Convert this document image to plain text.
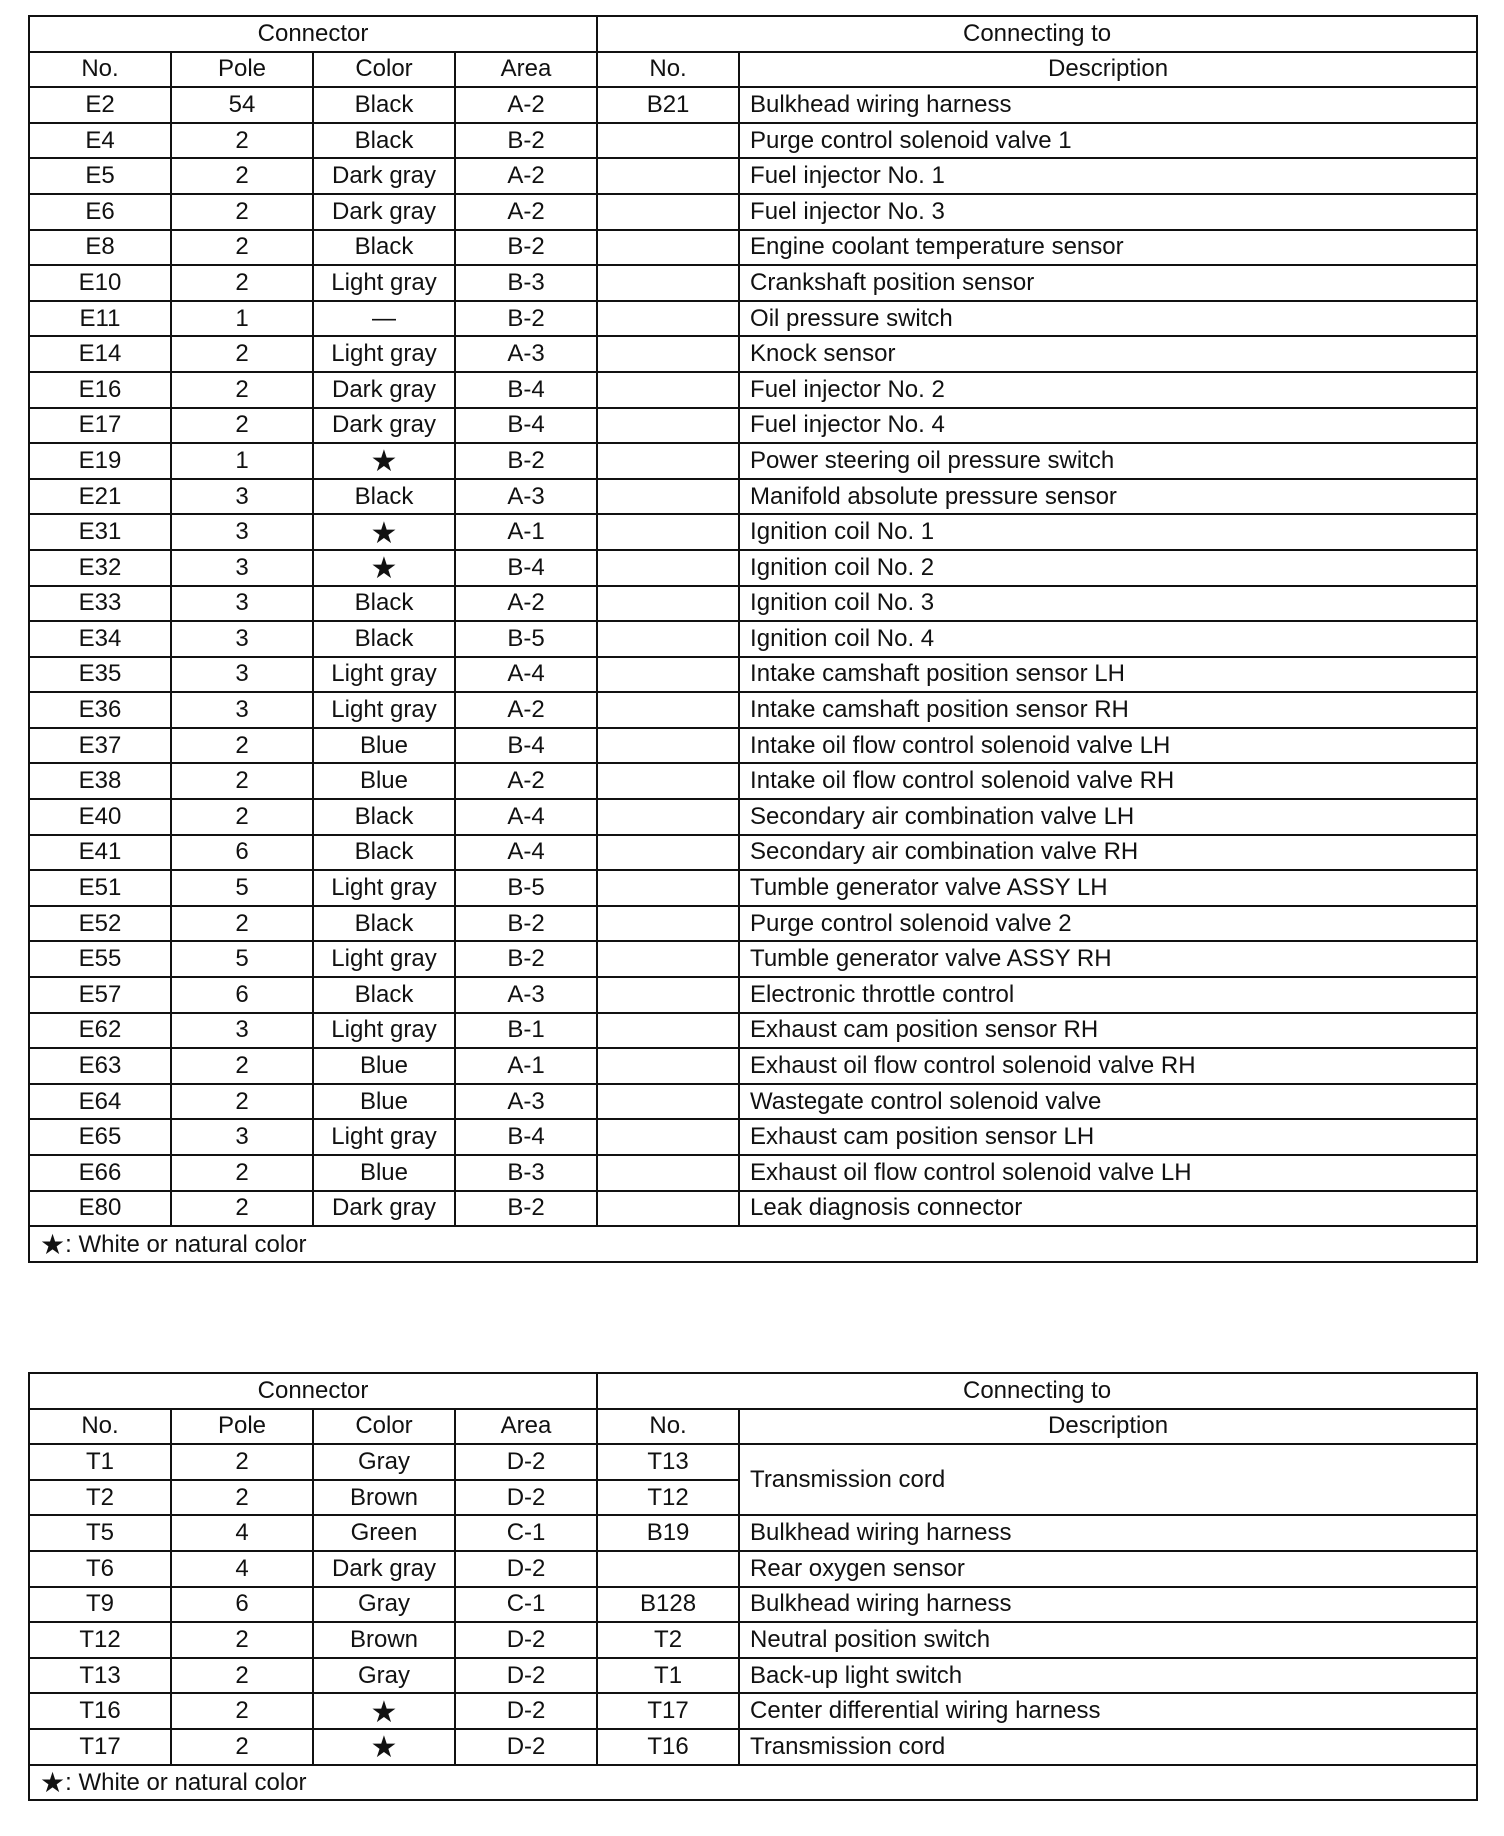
Connector				Connecting to	
No.	Pole	Color	Area	No.	Description
E2	54	Black	A-2	B21	Bulkhead wiring harness
E4	2	Black	B-2		Purge control solenoid valve 1
E5	2	Dark gray	A-2		Fuel injector No. 1
E6	2	Dark gray	A-2		Fuel injector No. 3
E8	2	Black	B-2		Engine coolant temperature sensor
E10	2	Light gray	B-3		Crankshaft position sensor
E11	1	—	B-2		Oil pressure switch
E14	2	Light gray	A-3		Knock sensor
E16	2	Dark gray	B-4		Fuel injector No. 2
E17	2	Dark gray	B-4		Fuel injector No. 4
E19	1	★	B-2		Power steering oil pressure switch
E21	3	Black	A-3		Manifold absolute pressure sensor
E31	3	★	A-1		Ignition coil No. 1
E32	3	★	B-4		Ignition coil No. 2
E33	3	Black	A-2		Ignition coil No. 3
E34	3	Black	B-5		Ignition coil No. 4
E35	3	Light gray	A-4		Intake camshaft position sensor LH
E36	3	Light gray	A-2		Intake camshaft position sensor RH
E37	2	Blue	B-4		Intake oil flow control solenoid valve LH
E38	2	Blue	A-2		Intake oil flow control solenoid valve RH
E40	2	Black	A-4		Secondary air combination valve LH
E41	6	Black	A-4		Secondary air combination valve RH
E51	5	Light gray	B-5		Tumble generator valve ASSY LH
E52	2	Black	B-2		Purge control solenoid valve 2
E55	5	Light gray	B-2		Tumble generator valve ASSY RH
E57	6	Black	A-3		Electronic throttle control
E62	3	Light gray	B-1		Exhaust cam position sensor RH
E63	2	Blue	A-1		Exhaust oil flow control solenoid valve RH
E64	2	Blue	A-3		Wastegate control solenoid valve
E65	3	Light gray	B-4		Exhaust cam position sensor LH
E66	2	Blue	B-3		Exhaust oil flow control solenoid valve LH
E80	2	Dark gray	B-2		Leak diagnosis connector
★: White or natural color					
Connector				Connecting to	
No.	Pole	Color	Area	No.	Description
T1	2	Gray	D-2	T13	Transmission cord
T2	2	Brown	D-2	T12	
T5	4	Green	C-1	B19	Bulkhead wiring harness
T6	4	Dark gray	D-2		Rear oxygen sensor
T9	6	Gray	C-1	B128	Bulkhead wiring harness
T12	2	Brown	D-2	T2	Neutral position switch
T13	2	Gray	D-2	T1	Back-up light switch
T16	2	★	D-2	T17	Center differential wiring harness
T17	2	★	D-2	T16	Transmission cord
★: White or natural color					
